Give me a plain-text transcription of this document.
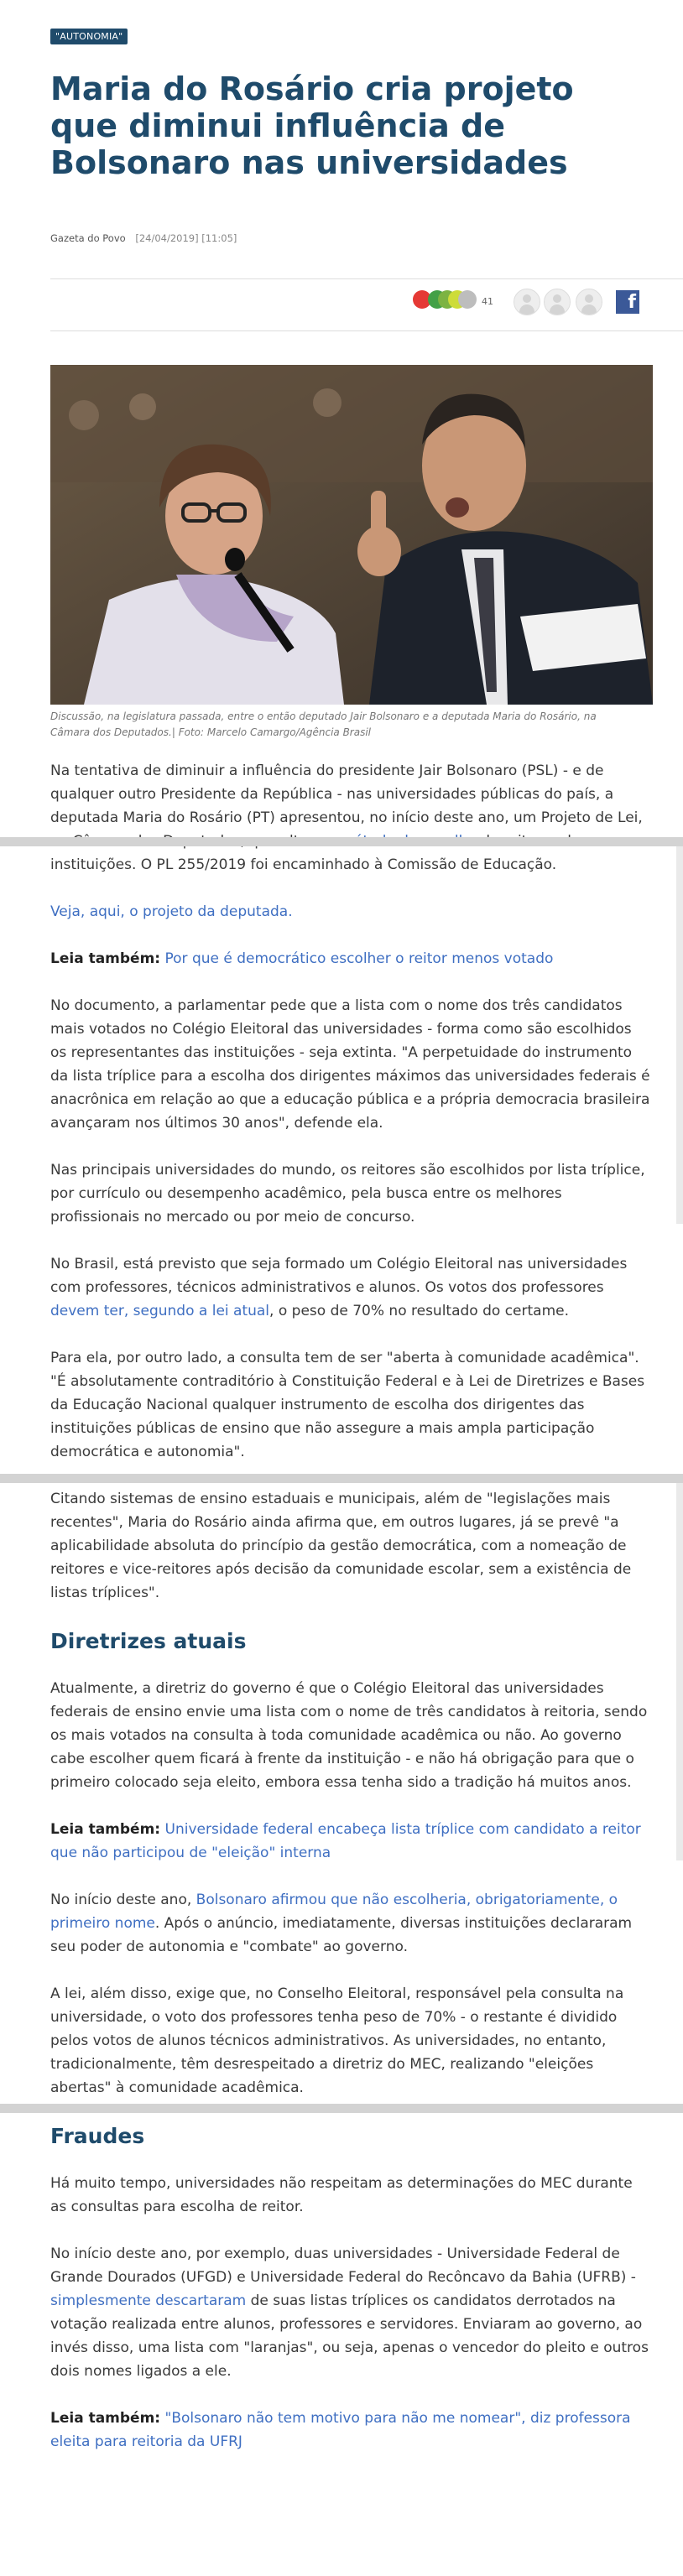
"AUTONOMIA"
Maria do Rosário cria projeto que diminui influência de Bolsonaro nas universidades
Gazeta do Povo [24/04/2019] [11:05]
41	f
Discussão, na legislatura passada, entre o então deputado Jair Bolsonaro e a deputada Maria do Rosário, na Câmara dos Deputados.| Foto: Marcelo Camargo/Agência Brasil

Na tentativa de diminuir a influência do presidente Jair Bolsonaro (PSL) - e de qualquer outro Presidente da República - nas universidades públicas do país, a deputada Maria do Rosário (PT) apresentou, no início deste ano, um Projeto de Lei, instituições. O PL 255/2019 foi encaminhado à Comissão de Educação.

Veja, aqui, o projeto da deputada.

Leia também: Por que é democrático escolher o reitor menos votado

No documento, a parlamentar pede que a lista com o nome dos três candidatos mais votados no Colégio Eleitoral das universidades - forma como são escolhidos os representantes das instituições - seja extinta. "A perpetuidade do instrumento da lista tríplice para a escolha dos dirigentes máximos das universidades federais é anacrônica em relação ao que a educação pública e a própria democracia brasileira avançaram nos últimos 30 anos", defende ela.

Nas principais universidades do mundo, os reitores são escolhidos por lista tríplice, por currículo ou desempenho acadêmico, pela busca entre os melhores profissionais no mercado ou por meio de concurso.

No Brasil, está previsto que seja formado um Colégio Eleitoral nas universidades com professores, técnicos administrativos e alunos. Os votos dos professores devem ter, segundo a lei atual, o peso de 70% no resultado do certame.

Para ela, por outro lado, a consulta tem de ser "aberta à comunidade acadêmica". "É absolutamente contraditório à Constituição Federal e à Lei de Diretrizes e Bases da Educação Nacional qualquer instrumento de escolha dos dirigentes das instituições públicas de ensino que não assegure a mais ampla participação democrática e autonomia".

Citando sistemas de ensino estaduais e municipais, além de "legislações mais recentes", Maria do Rosário ainda afirma que, em outros lugares, já se prevê "a aplicabilidade absoluta do princípio da gestão democrática, com a nomeação de reitores e vice-reitores após decisão da comunidade escolar, sem a existência de listas tríplices".

Diretrizes atuais

Atualmente, a diretriz do governo é que o Colégio Eleitoral das universidades federais de ensino envie uma lista com o nome de três candidatos à reitoria, sendo os mais votados na consulta à toda comunidade acadêmica ou não. Ao governo cabe escolher quem ficará à frente da instituição - e não há obrigação para que o primeiro colocado seja eleito, embora essa tenha sido a tradição há muitos anos.

Leia também: Universidade federal encabeça lista tríplice com candidato a reitor que não participou de "eleição" interna

No início deste ano, Bolsonaro afirmou que não escolheria, obrigatoriamente, o primeiro nome. Após o anúncio, imediatamente, diversas instituições declararam seu poder de autonomia e "combate" ao governo.

A lei, além disso, exige que, no Conselho Eleitoral, responsável pela consulta na universidade, o voto dos professores tenha peso de 70% - o restante é dividido pelos votos de alunos técnicos administrativos. As universidades, no entanto, tradicionalmente, têm desrespeitado a diretriz do MEC, realizando "eleições abertas" à comunidade acadêmica.

Fraudes

Há muito tempo, universidades não respeitam as determinações do MEC durante as consultas para escolha de reitor.

No início deste ano, por exemplo, duas universidades - Universidade Federal de Grande Dourados (UFGD) e Universidade Federal do Recôncavo da Bahia (UFRB) - simplesmente descartaram de suas listas tríplices os candidatos derrotados na votação realizada entre alunos, professores e servidores. Enviaram ao governo, ao invés disso, uma lista com "laranjas", ou seja, apenas o vencedor do pleito e outros dois nomes ligados a ele.

Leia também: "Bolsonaro não tem motivo para não me nomear", diz professora eleita para reitoria da UFRJ
